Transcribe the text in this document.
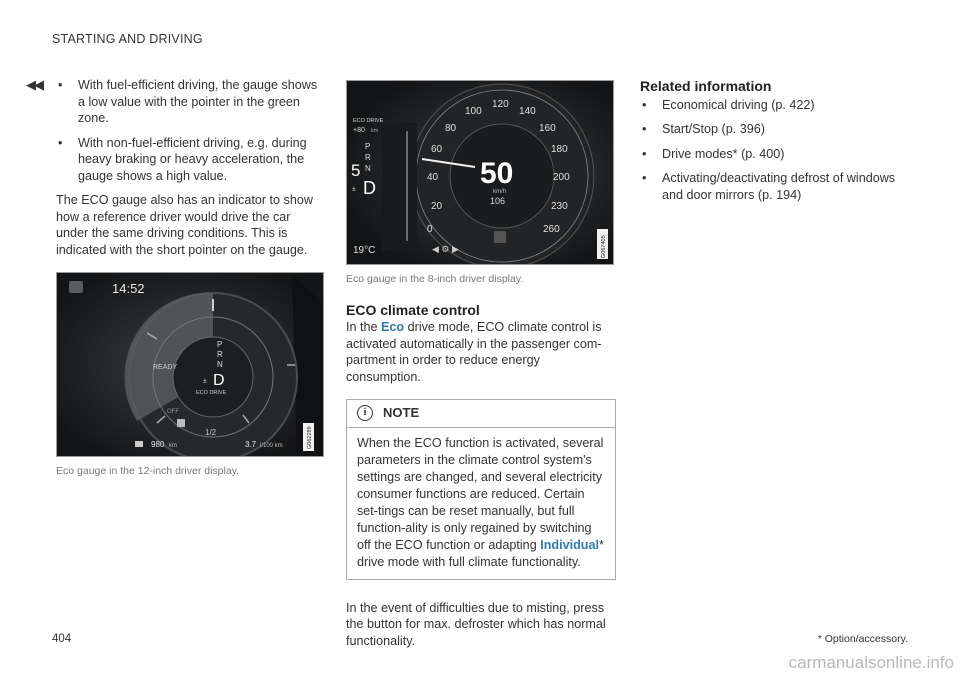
STARTING AND DRIVING
◀◀ • With fuel-efficient driving, the gauge shows a low value with the pointer in the green zone.
• With non-fuel-efficient driving, e.g. during heavy braking or heavy acceleration, the gauge shows a high value.

The ECO gauge also has an indicator to show how a reference driver would drive the car under the same driving conditions. This is indicated with the short pointer on the gauge.

14:52
READY
OFF
P
R
N
± D
ECO DRIVE
1/2
980 km	3.7 l/100 km	G062289
Eco gauge in the 12-inch driver display.
ECO DRIVE
+80 km
P
R
N
5
± D
0
20
40
60
80
100
120
140
160
180
200
230
260
50
km/h
106
19°C	◀ ⚙ ▶	G067405
Eco gauge in the 8-inch driver display.
ECO climate control

In the Eco drive mode, ECO climate control is activated automatically in the passenger com-partment in order to reduce energy consumption.

i	NOTE
When the ECO function is activated, several parameters in the climate control system's settings are changed, and several electricity consumer functions are reduced. Certain set-tings can be reset manually, but full function-ality is only regained by switching off the ECO function or adapting Individual* drive mode with full climate functionality.

In the event of difficulties due to misting, press the button for max. defroster which has normal functionality.

Related information
• Economical driving (p. 422)
• Start/Stop (p. 396)
• Drive modes* (p. 400)
• Activating/deactivating defrost of windows and door mirrors (p. 194)
404	* Option/accessory.
carmanualsonline.info
